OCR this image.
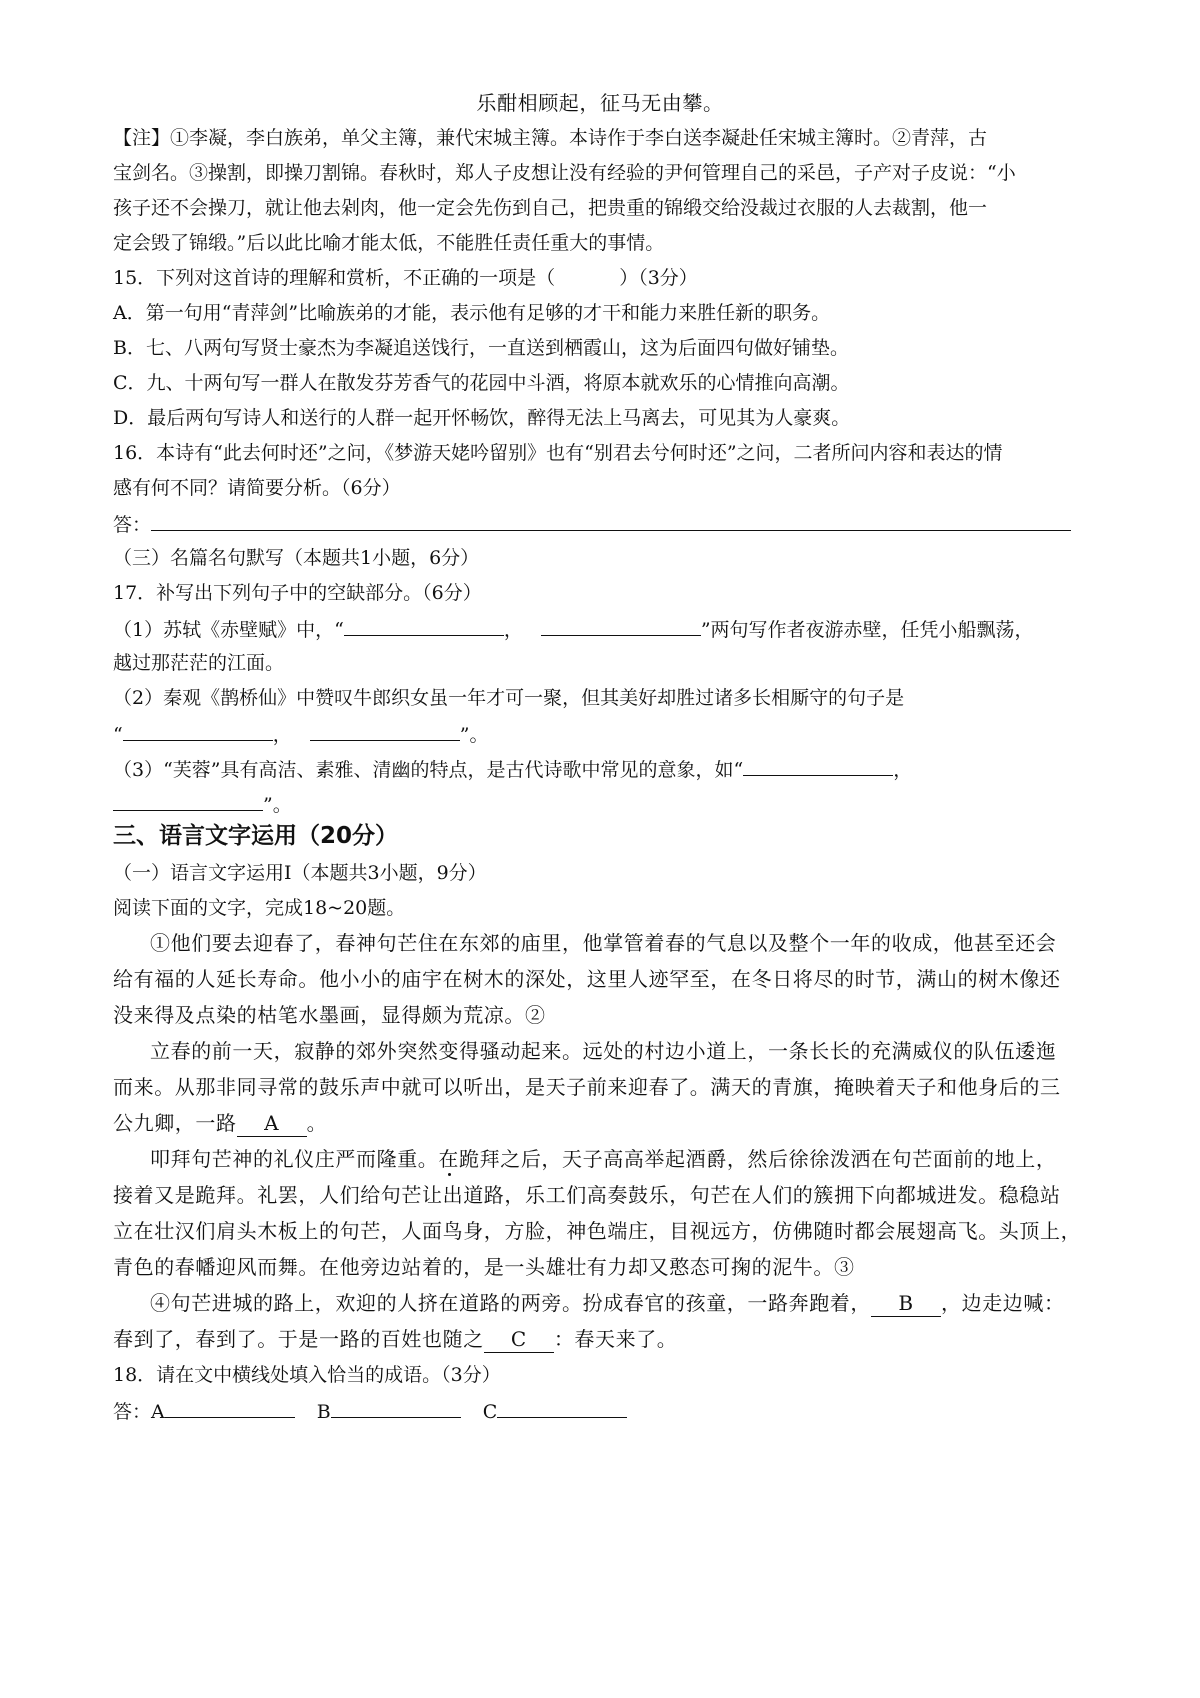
乐酣相顾起，征马无由攀。
【注】①李凝，李白族弟，单父主簿，兼代宋城主簿。本诗作于李白送李凝赴任宋城主簿时。②青萍，古
宝剑名。③操割，即操刀割锦。春秋时，郑人子皮想让没有经验的尹何管理自己的采邑，子产对子皮说：“小
孩子还不会操刀，就让他去剁肉，他一定会先伤到自己，把贵重的锦缎交给没裁过衣服的人去裁割，他一
定会毁了锦缎。”后以此比喻才能太低，不能胜任责任重大的事情。
15．下列对这首诗的理解和赏析，不正确的一项是（	）（3分）
A．第一句用“青萍剑”比喻族弟的才能，表示他有足够的才干和能力来胜任新的职务。
B．七、八两句写贤士豪杰为李凝追送饯行，一直送到栖霞山，这为后面四句做好铺垫。
C．九、十两句写一群人在散发芬芳香气的花园中斗酒，将原本就欢乐的心情推向高潮。
D．最后两句写诗人和送行的人群一起开怀畅饮，醉得无法上马离去，可见其为人豪爽。
16．本诗有“此去何时还”之问，《梦游天姥吟留别》也有“别君去兮何时还”之问，二者所问内容和表达的情
感有何不同？请简要分析。（6分）
答：
（三）名篇名句默写（本题共1小题，6分）
17．补写出下列句子中的空缺部分。（6分）
（1）苏轼《赤壁赋》中，“	，	”两句写作者夜游赤壁，任凭小船飘荡，
越过那茫茫的江面。
（2）秦观《鹊桥仙》中赞叹牛郎织女虽一年才可一聚，但其美好却胜过诸多长相厮守的句子是
“	，	”。
（3）“芙蓉”具有高洁、素雅、清幽的特点，是古代诗歌中常见的意象，如“	，
”。
三、语言文字运用（20分）
（一）语言文字运用Ⅰ（本题共3小题，9分）
阅读下面的文字，完成18~20题。
①他们要去迎春了，春神句芒住在东郊的庙里，他掌管着春的气息以及整个一年的收成，他甚至还会
给有福的人延长寿命。他小小的庙宇在树木的深处，这里人迹罕至，在冬日将尽的时节，满山的树木像还
没来得及点染的枯笔水墨画，显得颇为荒凉。②
立春的前一天，寂静的郊外突然变得骚动起来。远处的村边小道上，一条长长的充满威仪的队伍逶迤
而来。从那非同寻常的鼓乐声中就可以听出，是天子前来迎春了。满天的青旗，掩映着天子和他身后的三
公九卿，一路 A 。
叩拜句芒神的礼仪庄严而隆重。在跪拜之后，天子高高举起酒爵，然后徐徐泼洒在句芒面前的地上，
接着又是跪拜。礼罢，人们给句芒让出道路，乐工们高奏鼓乐，句芒在人们的簇拥下向都城进发。稳稳站
立在壮汉们肩头木板上的句芒，人面鸟身，方脸，神色端庄，目视远方，仿佛随时都会展翅高飞。头顶上，
青色的春幡迎风而舞。在他旁边站着的，是一头雄壮有力却又憨态可掬的泥牛。③
④句芒进城的路上，欢迎的人挤在道路的两旁。扮成春官的孩童，一路奔跑着， B ，边走边喊：
春到了，春到了。于是一路的百姓也随之 C ：春天来了。
18．请在文中横线处填入恰当的成语。（3分）
答：A	B	C
